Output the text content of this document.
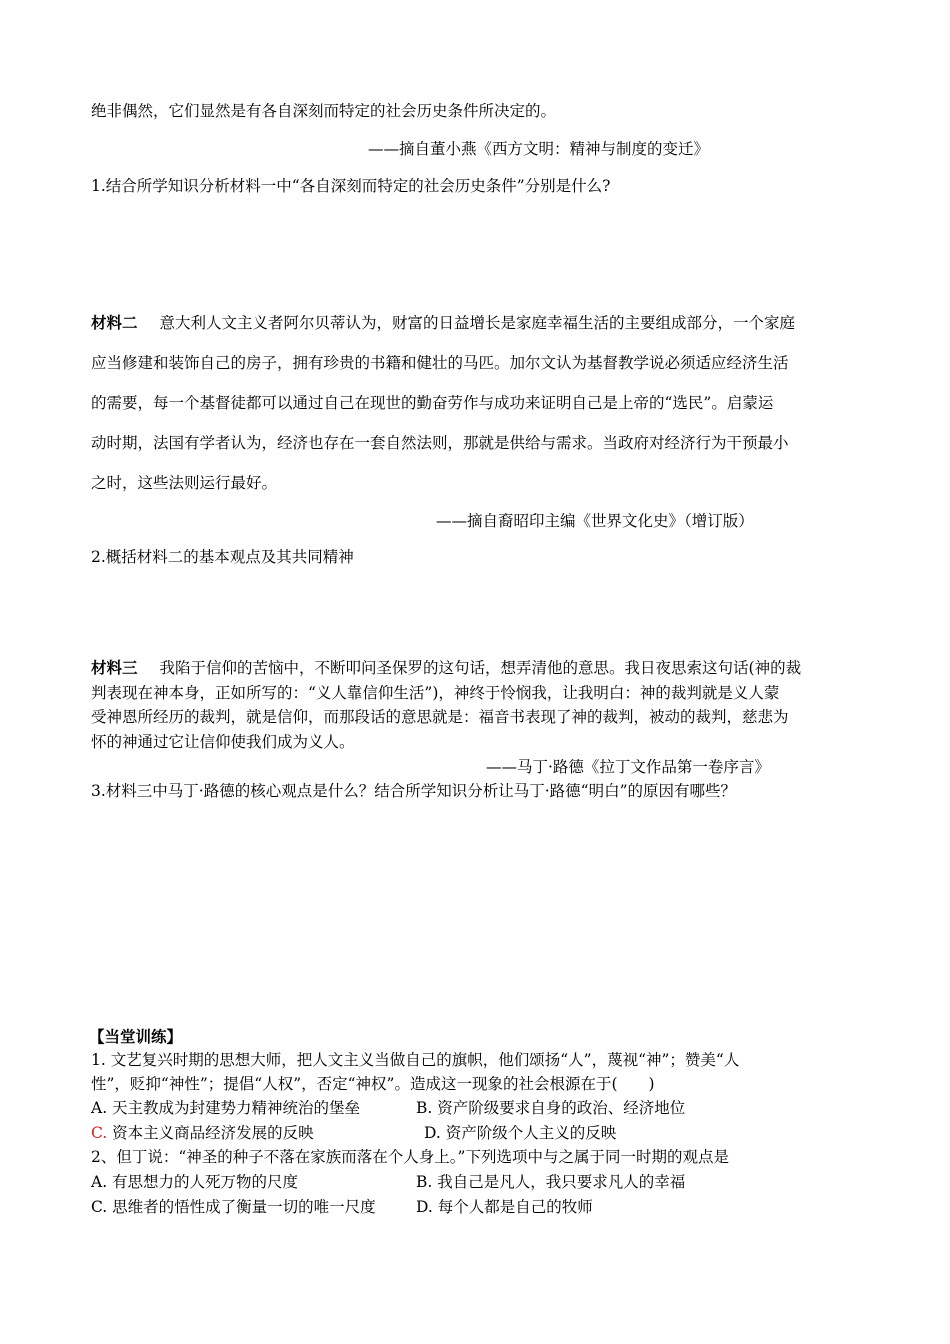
绝非偶然，它们显然是有各自深刻而特定的社会历史条件所决定的。
——摘自董小燕《西方文明：精神与制度的变迁》
1.结合所学知识分析材料一中“各自深刻而特定的社会历史条件”分别是什么?
材料二 意大利人文主义者阿尔贝蒂认为，财富的日益增长是家庭幸福生活的主要组成部分，一个家庭
应当修建和装饰自己的房子，拥有珍贵的书籍和健壮的马匹。加尔文认为基督教学说必须适应经济生活
的需要，每一个基督徒都可以通过自己在现世的勤奋劳作与成功来证明自己是上帝的“选民”。启蒙运
动时期，法国有学者认为，经济也存在一套自然法则，那就是供给与需求。当政府对经济行为干预最小
之时，这些法则运行最好。
——摘自裔昭印主编《世界文化史》（增订版）
2.概括材料二的基本观点及其共同精神
材料三 我陷于信仰的苦恼中，不断叩问圣保罗的这句话，想弄清他的意思。我日夜思索这句话(神的裁
判表现在神本身，正如所写的：“义人靠信仰生活”)，神终于怜悯我，让我明白：神的裁判就是义人蒙
受神恩所经历的裁判，就是信仰，而那段话的意思就是：福音书表现了神的裁判，被动的裁判，慈悲为
怀的神通过它让信仰使我们成为义人。
——马丁·路德《拉丁文作品第一卷序言》
3.材料三中马丁·路德的核心观点是什么？结合所学知识分析让马丁·路德“明白”的原因有哪些？
【当堂训练】
1. 文艺复兴时期的思想大师，把人文主义当做自己的旗帜，他们颂扬“人”，蔑视“神”；赞美“人
性”，贬抑“神性”；提倡“人权”，否定“神权”。造成这一现象的社会根源在于(　　)
A. 天主教成为封建势力精神统治的堡垒	B. 资产阶级要求自身的政治、经济地位
C. 资本主义商品经济发展的反映	D. 资产阶级个人主义的反映
2、但丁说：“神圣的种子不落在家族而落在个人身上。”下列选项中与之属于同一时期的观点是
A. 有思想力的人死万物的尺度	B. 我自己是凡人，我只要求凡人的幸福
C. 思维者的悟性成了衡量一切的唯一尺度	D. 每个人都是自己的牧师
